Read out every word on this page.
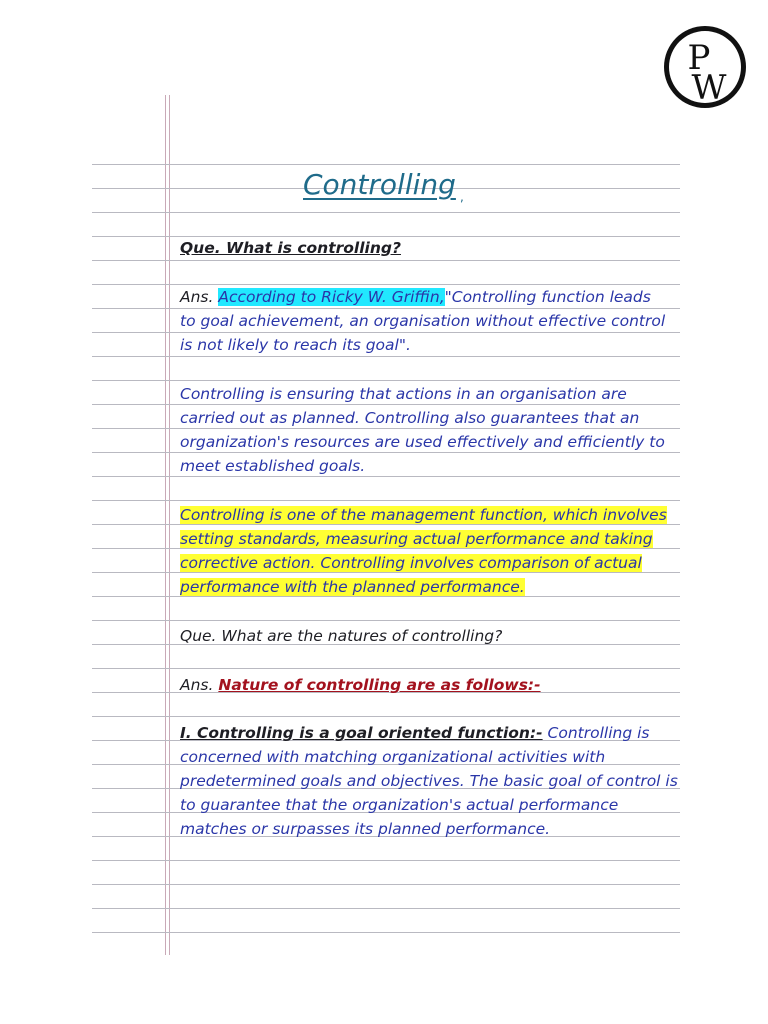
P
W
Controlling ,
Que. What is controlling?
Ans. According to Ricky W. Griffin,"Controlling function leads
to goal achievement, an organisation without effective control
is not likely to reach its goal".
Controlling is ensuring that actions in an organisation are
carried out as planned. Controlling also guarantees that an
organization's resources are used effectively and efficiently to
meet established goals.
Controlling is one of the management function, which involves
setting standards, measuring actual performance and taking
corrective action. Controlling involves comparison of actual
performance with the planned performance.
Que. What are the natures of controlling?
Ans. Nature of controlling are as follows:-
I. Controlling is a goal oriented function:- Controlling is
concerned with matching organizational activities with
predetermined goals and objectives. The basic goal of control is
to guarantee that the organization's actual performance
matches or surpasses its planned performance.
